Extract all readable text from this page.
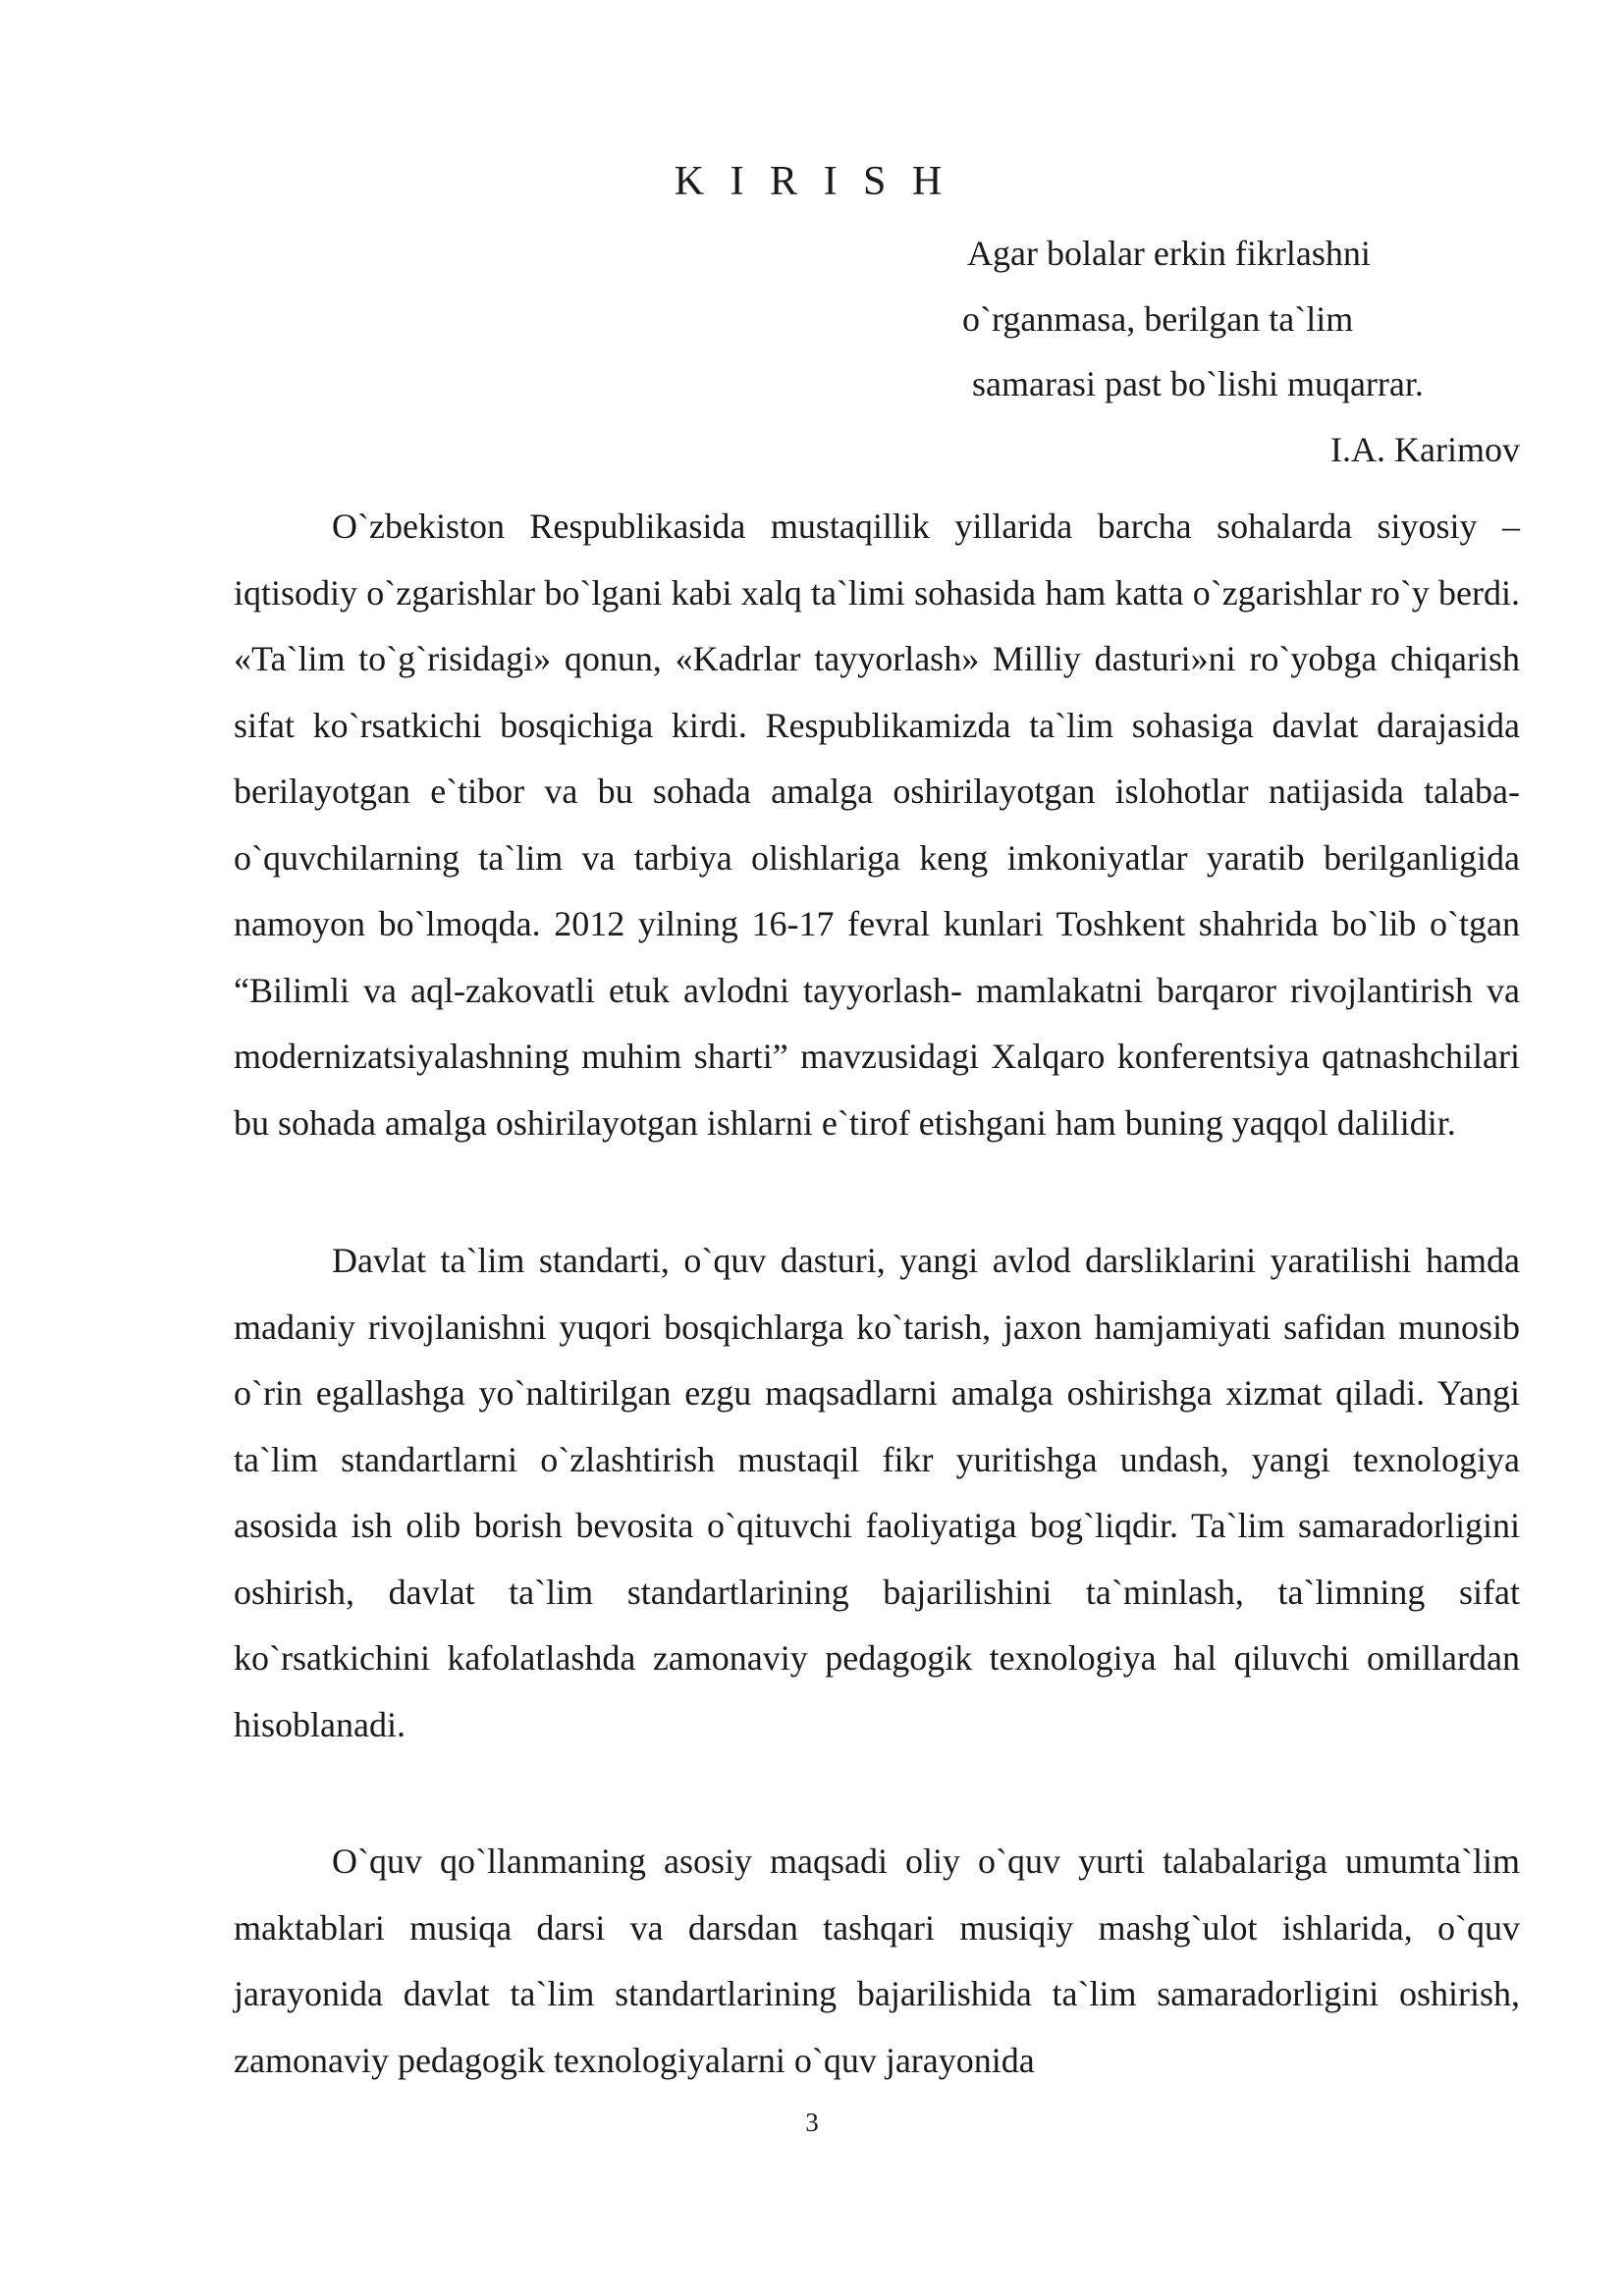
K I R I S H
Agar bolalar erkin fikrlashni
o`rganmasa, berilgan ta`lim
samarasi past bo`lishi muqarrar.
I.A. Karimov

O`zbekiston Respublikasida mustaqillik yillarida barcha sohalarda siyosiy – iqtisodiy o`zgarishlar bo`lgani kabi xalq ta`limi sohasida ham katta o`zgarishlar ro`y berdi. «Ta`lim to`g`risidagi» qonun, «Kadrlar tayyorlash» Milliy dasturi»ni ro`yobga chiqarish sifat ko`rsatkichi bosqichiga kirdi. Respublikamizda ta`lim sohasiga davlat darajasida berilayotgan e`tibor va bu sohada amalga oshirilayotgan islohotlar natijasida talaba-o`quvchilarning ta`lim va tarbiya olishlariga keng imkoniyatlar yaratib berilganligida namoyon bo`lmoqda. 2012 yilning 16-17 fevral kunlari Toshkent shahrida bo`lib o`tgan “Bilimli va aql-zakovatli etuk avlodni tayyorlash- mamlakatni barqaror rivojlantirish va modernizatsiyalashning muhim sharti” mavzusidagi Xalqaro konferentsiya qatnashchilari bu sohada amalga oshirilayotgan ishlarni e`tirof etishgani ham buning yaqqol dalilidir.

Davlat ta`lim standarti, o`quv dasturi, yangi avlod darsliklarini yaratilishi hamda madaniy rivojlanishni yuqori bosqichlarga ko`tarish, jaxon hamjamiyati safidan munosib o`rin egallashga yo`naltirilgan ezgu maqsadlarni amalga oshirishga xizmat qiladi. Yangi ta`lim standartlarni o`zlashtirish mustaqil fikr yuritishga undash, yangi texnologiya asosida ish olib borish bevosita o`qituvchi faoliyatiga bog`liqdir. Ta`lim samaradorligini oshirish, davlat ta`lim standartlarining bajarilishini ta`minlash, ta`limning sifat ko`rsatkichini kafolatlashda zamonaviy pedagogik texnologiya hal qiluvchi omillardan hisoblanadi.

O`quv qo`llanmaning asosiy maqsadi oliy o`quv yurti talabalariga umumta`lim maktablari musiqa darsi va darsdan tashqari musiqiy mashg`ulot ishlarida, o`quv jarayonida davlat ta`lim standartlarining bajarilishida ta`lim samaradorligini oshirish, zamonaviy pedagogik texnologiyalarni o`quv jarayonida

3
